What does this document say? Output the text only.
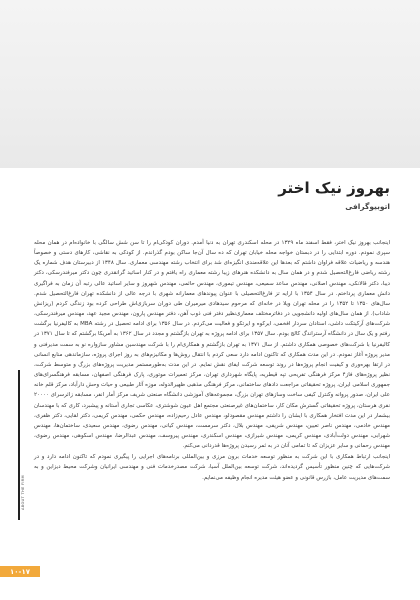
بهروز نیک اختر
اتوبیوگرافی

اینجانب بهروز نیک اختر، فقط اسفند ماه ۱۳۲۹ در محله اسکندری تهران به دنیا آمدم. دوران کودکی‌ام را تا سن شش سالگی با خانواده‌ام در همان محله سپری نمودم. دوره ابتدایی را در دبستان خواجه محله خیابان تهران که ده سال آن‌جا ساکن بودم گذراندم. از کودکی به نقاشی، کارهای دستی و خصوصاً هندسه و ریاضیات علاقه فراوان داشتم که بعدها این علاقه‌مندی انگیزه‌ای شد برای انتخاب رشته مهندسی معماری. سال ۱۳۴۸ از دبیرستان هدف شماره یک رشته ریاضی فارغ‌التحصیل شدم و در همان سال به دانشکده هنرهای زیبا رشته معماری راه یافتم و در کنار اساتید گرانقدری چون دکتر میرفندرسکی، دکتر دیبا، دکتر قالانکی، مهندس اصلانی، مهندس ساعد سمیعی، مهندس تیموری، مهندس حائمی، مهندس شهروز و سایر اساتید عالی رتبه آن زمان به فراگیری دانش معماری پرداختم. در سال ۱۳۵۴ با ارایه تز فارغ‌التحصیلی با عنوان پیوندهای معمارانه شهری با درجه عالی از دانشکده تهران فارغ‌التحصیل شدم. سال‌های ۱۳۵۰ تا ۱۳۵۲ را در محله تهران ویلا در خانه‌ای که مرحوم سیدهادی میرمیران طی دوران سربازی‌اش طراحی کرده بود زندگی کردم (ریزانش شاداب). از همان سال‌های اولیه دانشجویی در دفاترمختلف معماری‌نظیر دفتر فنی ذوب آهن، دفتر مهندس پارون، مهندس مجید عهد، مهندس میرفندرسکی، شرکت‌های آرکیتکت داشی، استادان سردار افخمی، ایرکوه و ایرتکو و فعالیت می‌کردم. در سال ۱۳۵۶ برای ادامه تحصیل در رشته MBA به کالیفرنیا برگشت رفتم و یک سال در دانشگاه آرستراندگ کالج بودم. سال ۱۳۵۷ برای ادامه پروژه به تهران بازگشتم و مجدد در سال ۱۳۶۲ به آمریکا برگشتم که تا سال ۱۳۷۱ در کالیفرنیا با شرکت‌های خصوصی همکاری داشتم. از سال ۱۳۷۱ به تهران بازگشتم و همکاری‌ام را با شرکت مهندسین مشاور سازواره نو به سمت مدیرفنی و مدیر پروژه آغاز نمودم. در این مدت همکاری که تاکنون ادامه دارد سعی کردم با انتقال روش‌ها و مکانیزم‌های به روز اجرای پروژه، سازماندهی منابع انسانی در ارتقا بهره‌وری و کیفیت انجام پروژه‌ها در روند توسعه شرکت ایفای نقش نمایم. در این مدت به‌طورمستمر مدیریت پروژه‌های بزرگ و متوسط شرکت، نظیر پروژه‌های فاز۴ مرکز فرهنگی تفریحی تپه قیطریه، پایگاه شهرداری تهران، مرکز تعمیرات موتوری، پارک فرهنگی اصفهان، مسابقه فرهنگسرای‌های جمهوری اسلامی ایران، پروژه تحقیقاتی مراجعت دادهای ساختمانی، مرکز فرهنگی مذهبی ظهیرالدوله، موزه آثار طبیعی و حیات وحش دارآباد، مرکز قلم خانه علی ایران، صدور پروانه وکنترل کیفی ساخت وسازهای تهران بزرگ، مجموعه‌های آموزشی دانشگاه صنعتی شریف مرکز آمار انفر، مسابقه زائر‌سرای ۲۰۰۰۰ نفری هرستان، پروژه تحقیقاتی گسترش مکان کار، ساختمان‌های غیرصنعتی مجتمع اهل عیون شوشتری، عکاسی تجاری آستانه و پیشبرد، کاری که با مهندسان بیشمار در این مدت افتخار همکاری با ایشان را داشتم مهندس مقصودلو، مهندس عادل رحیم‌زاده، مهندس حکمی، مهندس کریمی، دکتر لقایی، دکتر ظفری، مهندس خادمی، مهندس ناصر تعیین، مهندس شریفی، مهندس بلال، دکتر سرمست، مهندس کیانی، مهندس رضوی، مهندس سعیدی، ساختمان‌ها، مهندس شهرابی، مهندس دولت‌آبادی، مهندس کریمی، مهندس شیرازی، مهندس اسکندری، مهندس پیروسف، مهندس عبدالرضا، مهندس اسکوهی، مهندس رضوی، مهندس رحمانی و سایر عزیزان که تا تمامی آنان در به ثمر رسیدن پروژه‌ها قدردانی می‌کنم.

اینجانب ارتباط همکاری با این شرکت به منظور توسعه خدمات برون مرزی و بین‌المللی برنامه‌های اجرایی را پیگیری نمودم که تاکنون ادامه دارد و در شرکت‌هایی که چنین منظور تأسیس گردیده‌اند، شرکت توسعه بین‌الملل آسیا، شرکت مصدرخدمات فنی و مهندسی ایرانیان وشرکت محیط دیزاین و به سمت‌های مدیریت عامل، بازرس قانونی و عضو هیئت مدیره انجام وظیفه می‌نمایم.

ABOUT THE FIRM
۱۰-۱۷
